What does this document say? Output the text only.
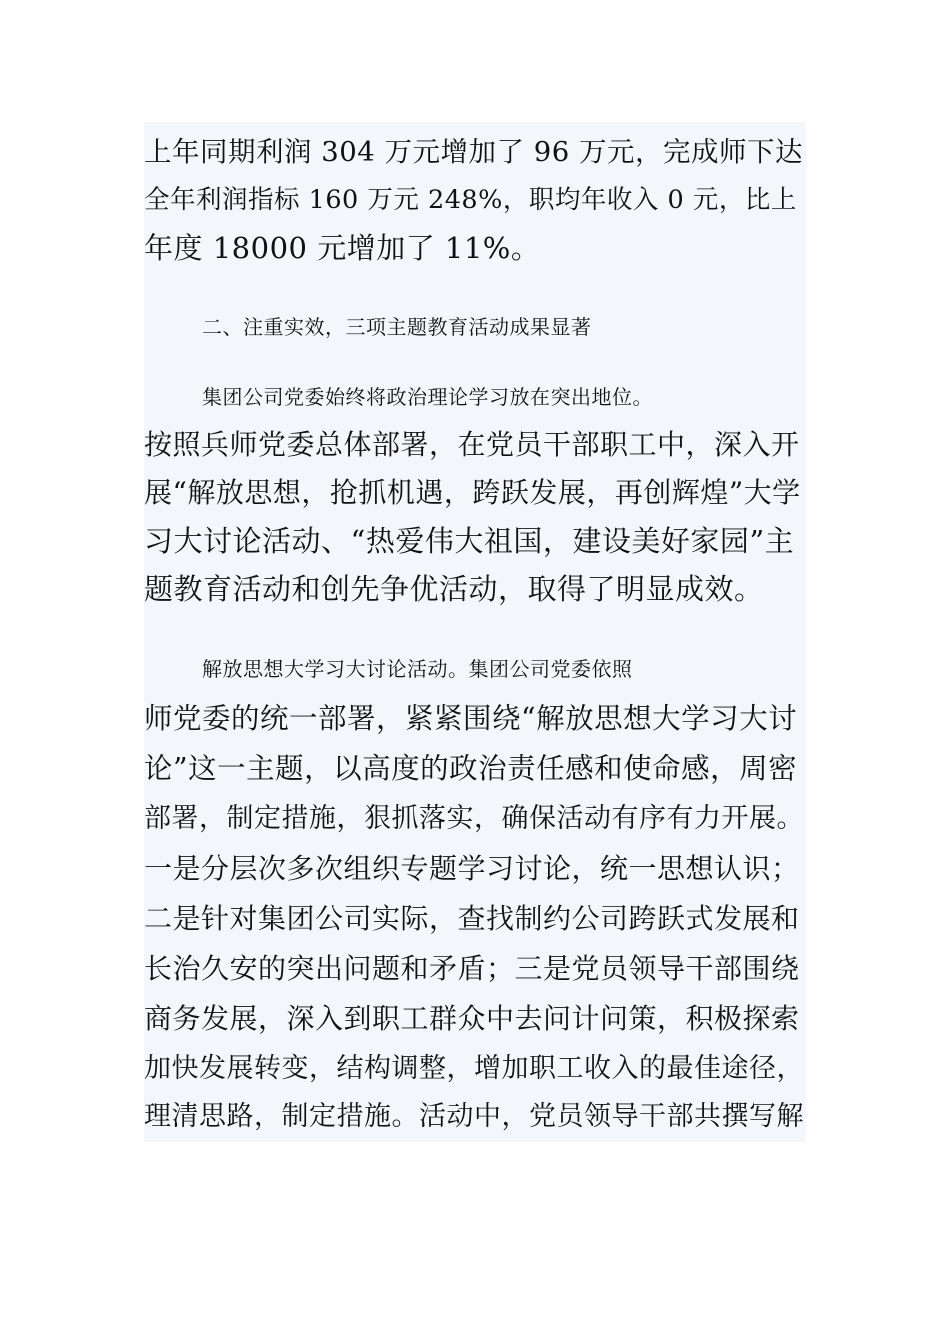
上年同期利润 304 万元增加了 96 万元，完成师下达
全年利润指标 160 万元 248%，职均年收入 0 元，比上
年度 18000 元增加了 11%。
二、注重实效，三项主题教育活动成果显著
集团公司党委始终将政治理论学习放在突出地位。
按照兵师党委总体部署，在党员干部职工中，深入开
展“解放思想，抢抓机遇，跨跃发展，再创辉煌”大学
习大讨论活动、“热爱伟大祖国，建设美好家园”主
题教育活动和创先争优活动，取得了明显成效。
解放思想大学习大讨论活动。集团公司党委依照
师党委的统一部署，紧紧围绕“解放思想大学习大讨
论”这一主题，以高度的政治责任感和使命感，周密
部署，制定措施，狠抓落实，确保活动有序有力开展。
一是分层次多次组织专题学习讨论，统一思想认识；
二是针对集团公司实际，查找制约公司跨跃式发展和
长治久安的突出问题和矛盾；三是党员领导干部围绕
商务发展，深入到职工群众中去问计问策，积极探索
加快发展转变，结构调整，增加职工收入的最佳途径，
理清思路，制定措施。活动中，党员领导干部共撰写解
